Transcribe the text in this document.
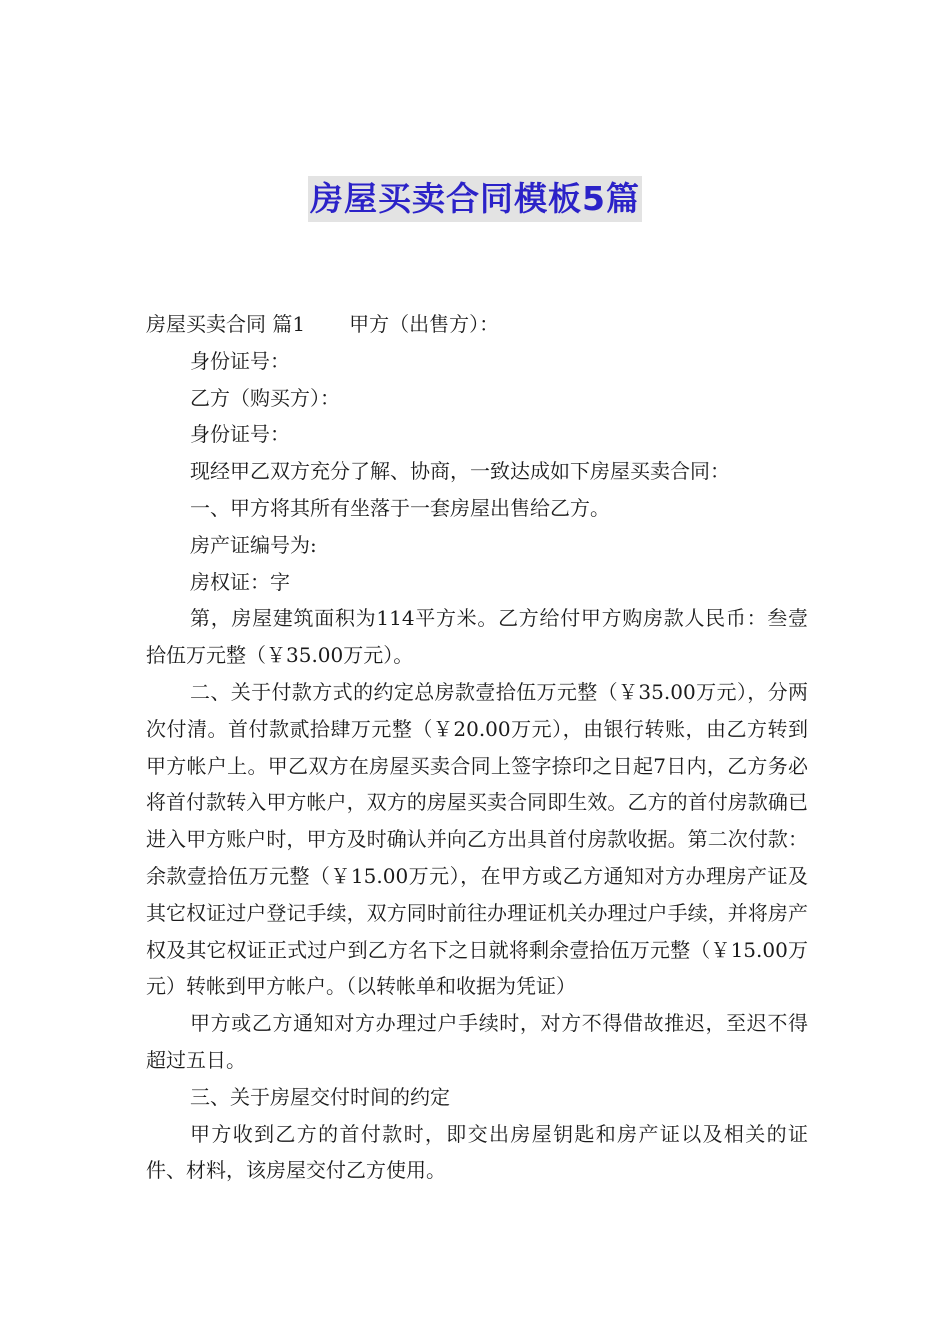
房屋买卖合同模板5篇

房屋买卖合同 篇1 甲方（出售方）：

身份证号：

乙方（购买方）：

身份证号：

现经甲乙双方充分了解、协商，一致达成如下房屋买卖合同：

一、甲方将其所有坐落于一套房屋出售给乙方。

房产证编号为:

房权证：字

第，房屋建筑面积为114平方米。乙方给付甲方购房款人民币：叁壹拾伍万元整（￥35.00万元）。

二、关于付款方式的约定总房款壹拾伍万元整（￥35.00万元），分两次付清。首付款贰拾肆万元整（￥20.00万元），由银行转账，由乙方转到甲方帐户上。甲乙双方在房屋买卖合同上签字捺印之日起7日内，乙方务必将首付款转入甲方帐户，双方的房屋买卖合同即生效。乙方的首付房款确已进入甲方账户时，甲方及时确认并向乙方出具首付房款收据。第二次付款：余款壹拾伍万元整（￥15.00万元），在甲方或乙方通知对方办理房产证及其它权证过户登记手续，双方同时前往办理证机关办理过户手续，并将房产权及其它权证正式过户到乙方名下之日就将剩余壹拾伍万元整（￥15.00万元）转帐到甲方帐户。（以转帐单和收据为凭证）

甲方或乙方通知对方办理过户手续时，对方不得借故推迟，至迟不得超过五日。

三、关于房屋交付时间的约定

甲方收到乙方的首付款时，即交出房屋钥匙和房产证以及相关的证件、材料，该房屋交付乙方使用。
